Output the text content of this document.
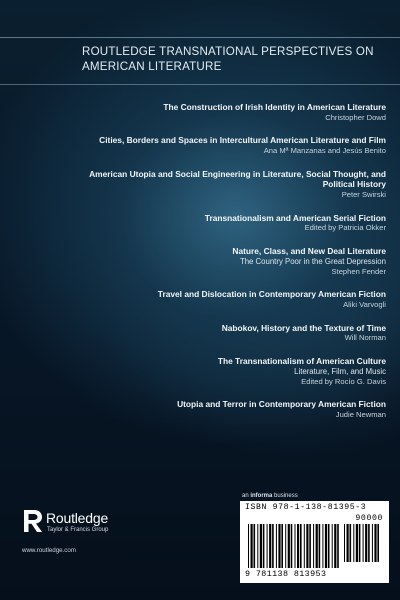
ROUTLEDGE TRANSNATIONAL PERSPECTIVES ON AMERICAN LITERATURE
The Construction of Irish Identity in American Literature
Christopher Dowd
Cities, Borders and Spaces in Intercultural American Literature and Film
Ana Mª Manzanas and Jesús Benito
American Utopia and Social Engineering in Literature, Social Thought, and Political History
Peter Swirski
Transnationalism and American Serial Fiction
Edited by Patricia Okker
Nature, Class, and New Deal Literature
The Country Poor in the Great Depression
Stephen Fender
Travel and Dislocation in Contemporary American Fiction
Aliki Varvogli
Nabokov, History and the Texture of Time
Will Norman
The Transnationalism of American Culture
Literature, Film, and Music
Edited by Rocío G. Davis
Utopia and Terror in Contemporary American Fiction
Judie Newman
Routledge
Taylor & Francis Group
www.routledge.com
an informa business
ISBN 978-1-138-81395-3
90000
9 781138 813953
